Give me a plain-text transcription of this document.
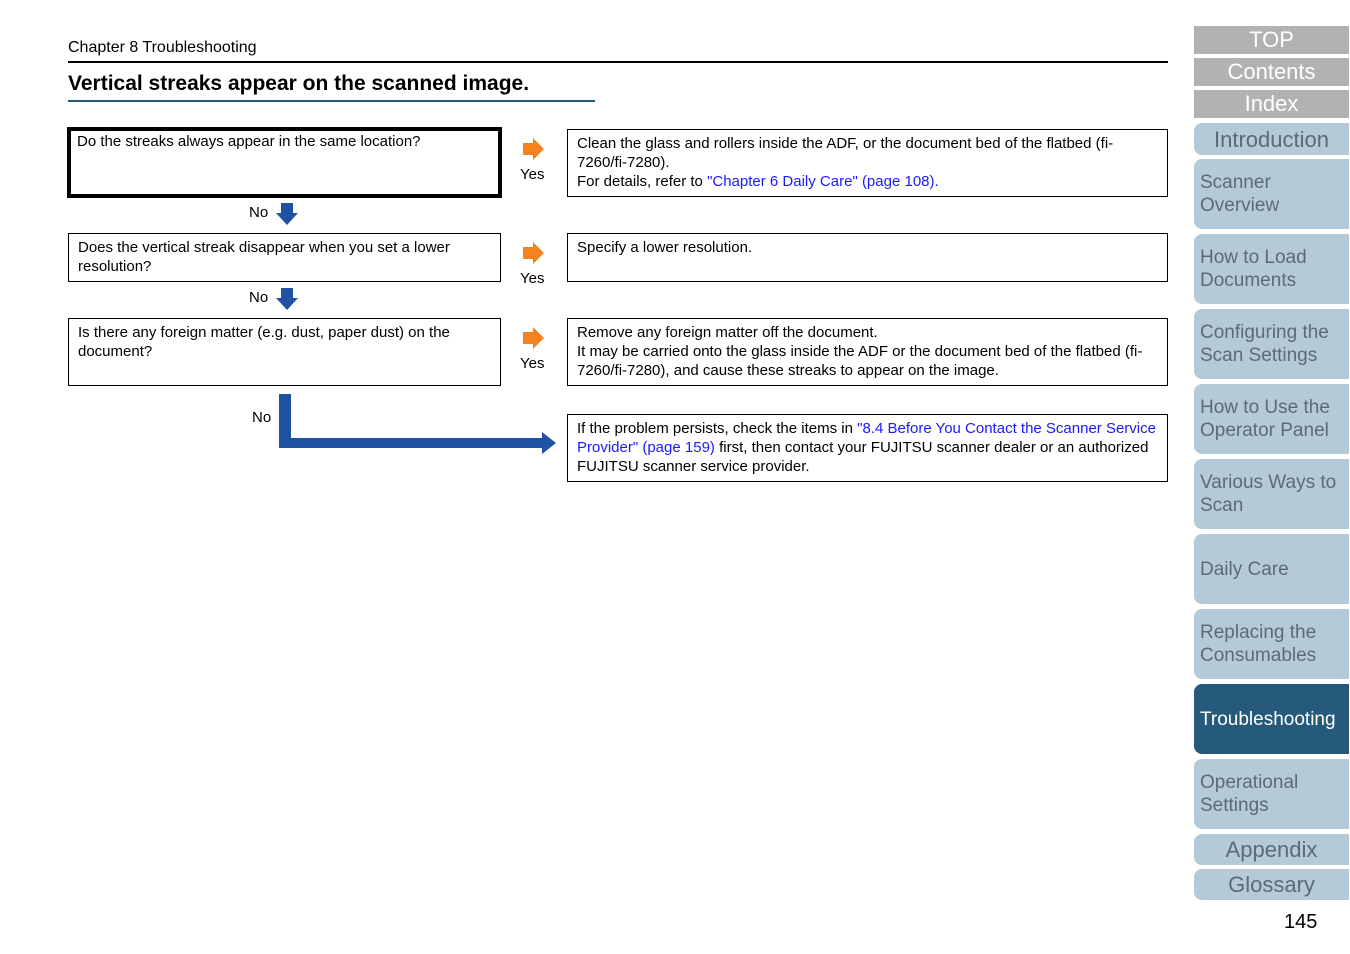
Chapter 8 Troubleshooting
Vertical streaks appear on the scanned image.
Do the streaks always appear in the same location?
Yes
Clean the glass and rollers inside the ADF, or the document bed of the flatbed (fi-7260/fi-7280).
For details, refer to "Chapter 6 Daily Care" (page 108).
No
Does the vertical streak disappear when you set a lower resolution?
Yes
Specify a lower resolution.
No
Is there any foreign matter (e.g. dust, paper dust) on the document?
Yes
Remove any foreign matter off the document.
It may be carried onto the glass inside the ADF or the document bed of the flatbed (fi-7260/fi-7280), and cause these streaks to appear on the image.
No
If the problem persists, check the items in "8.4 Before You Contact the Scanner Service Provider" (page 159) first, then contact your FUJITSU scanner dealer or an authorized FUJITSU scanner service provider.
TOP
Contents
Index
Introduction
Scanner Overview
How to Load Documents
Configuring the Scan Settings
How to Use the Operator Panel
Various Ways to Scan
Daily Care
Replacing the Consumables
Troubleshooting
Operational Settings
Appendix
Glossary
145
